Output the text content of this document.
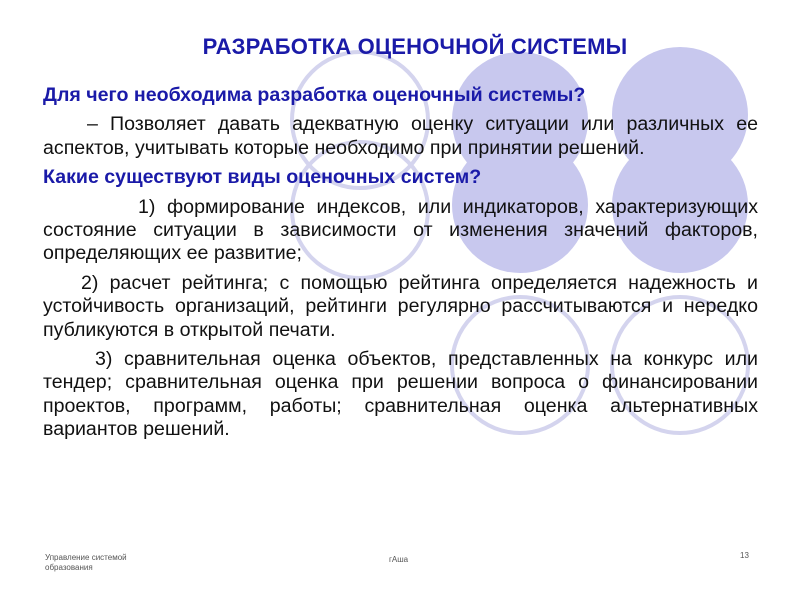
РАЗРАБОТКА ОЦЕНОЧНОЙ СИСТЕМЫ

Для чего необходима разработка оценочный системы?

– Позволяет давать адекватную оценку ситуации или различных ее аспектов, учитывать которые необходимо при принятии решений.

Какие существуют виды оценочных систем?

1) формирование индексов, или индикаторов, характеризующих состояние ситуации в зависимости от изменения значений факторов, определяющих ее развитие;

2) расчет рейтинга; с помощью рейтинга определяется надежность и устойчивость организаций, рейтинги регулярно рассчитываются и нередко публикуются в открытой печати.

3) сравнительная оценка объектов, представленных на конкурс или тендер; сравнительная оценка при решении вопроса о финансировании проектов, программ, работы; сравнительная оценка альтернативных вариантов решений.

Управление системой образования
гАша	13
